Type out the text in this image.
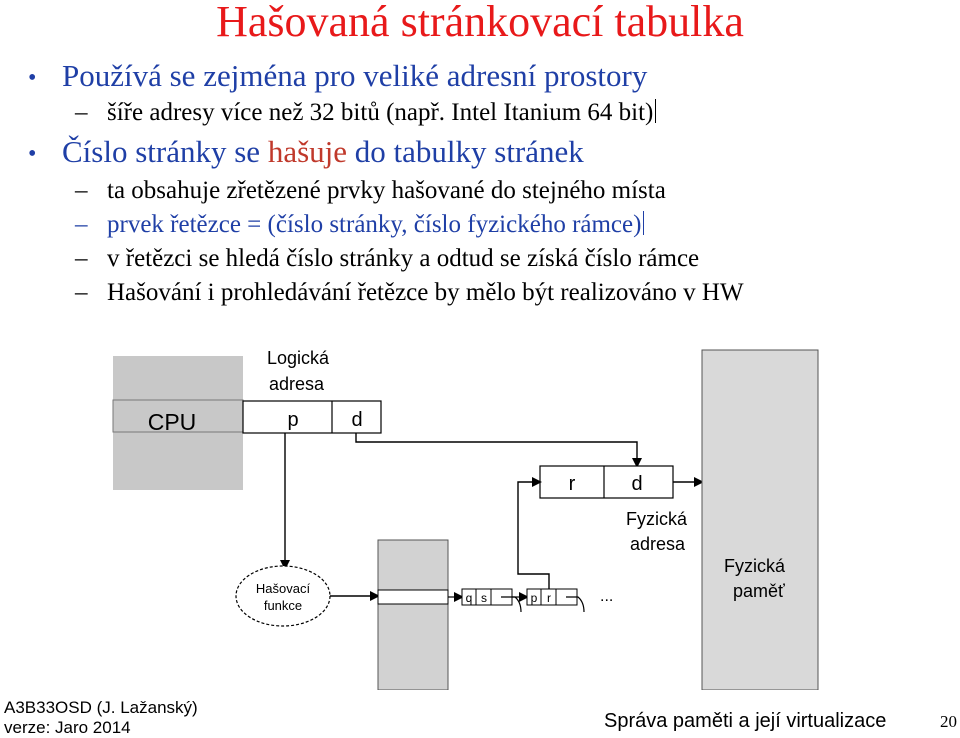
Hašovaná stránkovací tabulka
• Používá se zejména pro veliké adresní prostory
– šíře adresy více než 32 bitů (např. Intel Itanium 64 bit)
• Číslo stránky se hašuje do tabulky stránek
– ta obsahuje zřetězené prvky hašované do stejného místa
– prvek řetězce = (číslo stránky, číslo fyzického rámce)
– v řetězci se hledá číslo stránky a odtud se získá číslo rámce
– Hašování i prohledávání řetězce by mělo být realizováno v HW
CPU
Logická
adresa
p	d
r	d
Fyzická
adresa
Fyzická
paměť
Hašovací
funkce	q s	p r	...
A3B33OSD (J. Lažanský)
verze: Jaro 2014	Správa paměti a její virtualizace	20
